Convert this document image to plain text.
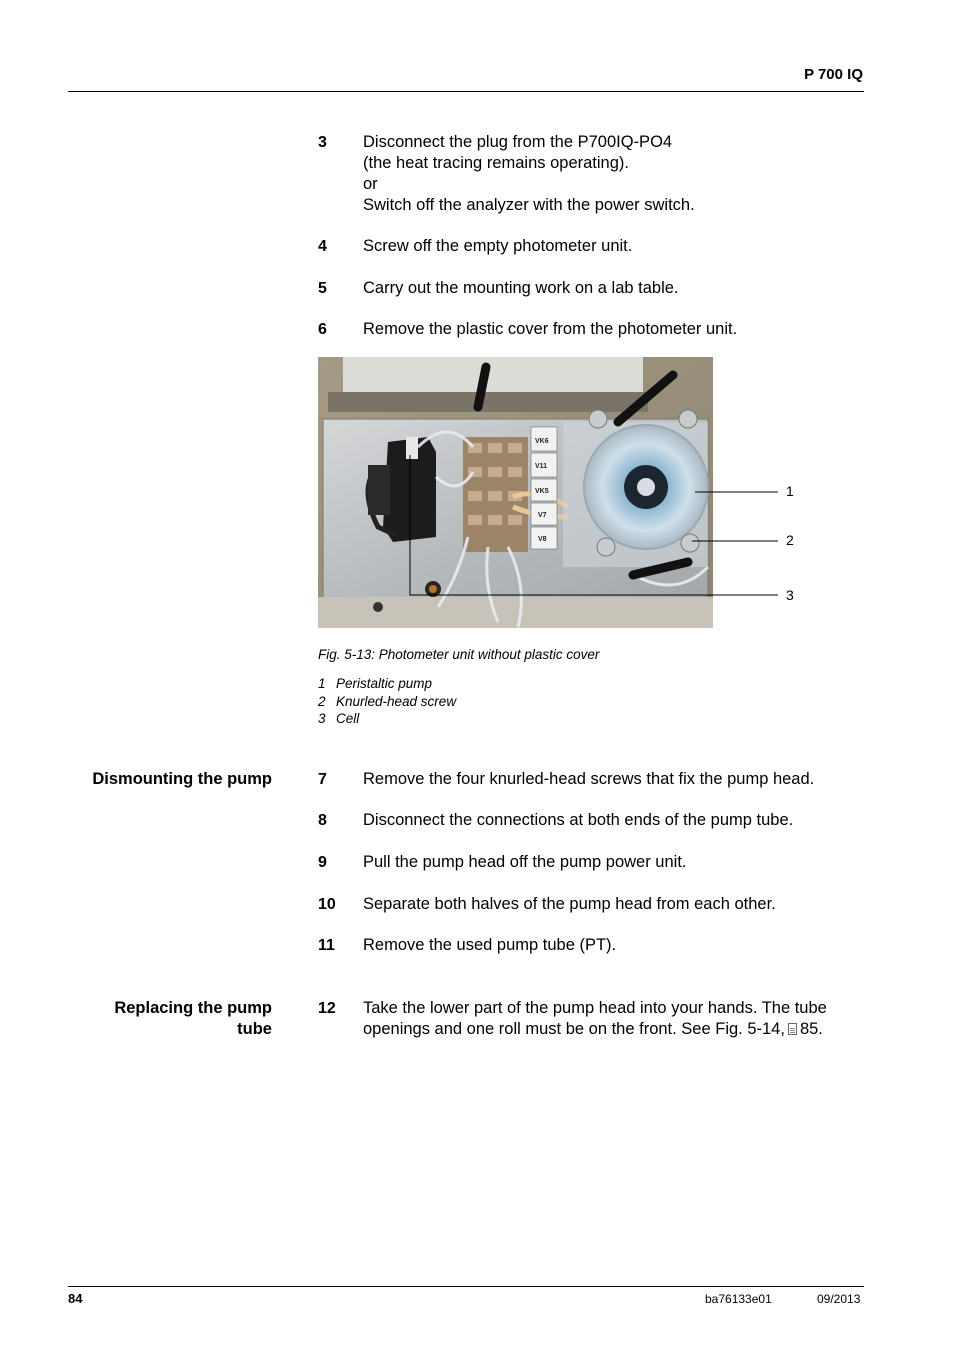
P 700 IQ
3 Disconnect the plug from the P700IQ-PO4
(the heat tracing remains operating).
or
Switch off the analyzer with the power switch.
4 Screw off the empty photometer unit.
5 Carry out the mounting work on a lab table.
6 Remove the plastic cover from the photometer unit.
VK6
V11
VK5
V7
V8
1
2
3
Fig. 5-13: Photometer unit without plastic cover
1 Peristaltic pump
2 Knurled-head screw
3 Cell
Dismounting the pump	7 Remove the four knurled-head screws that fix the pump head.
8 Disconnect the connections at both ends of the pump tube.
9 Pull the pump head off the pump power unit.
10 Separate both halves of the pump head from each other.
11 Remove the used pump tube (PT).
Replacing the pump
tube
12 Take the lower part of the pump head into your hands. The tube
openings and one roll must be on the front. See Fig. 5-14, 85.
84	ba76133e01	09/2013
